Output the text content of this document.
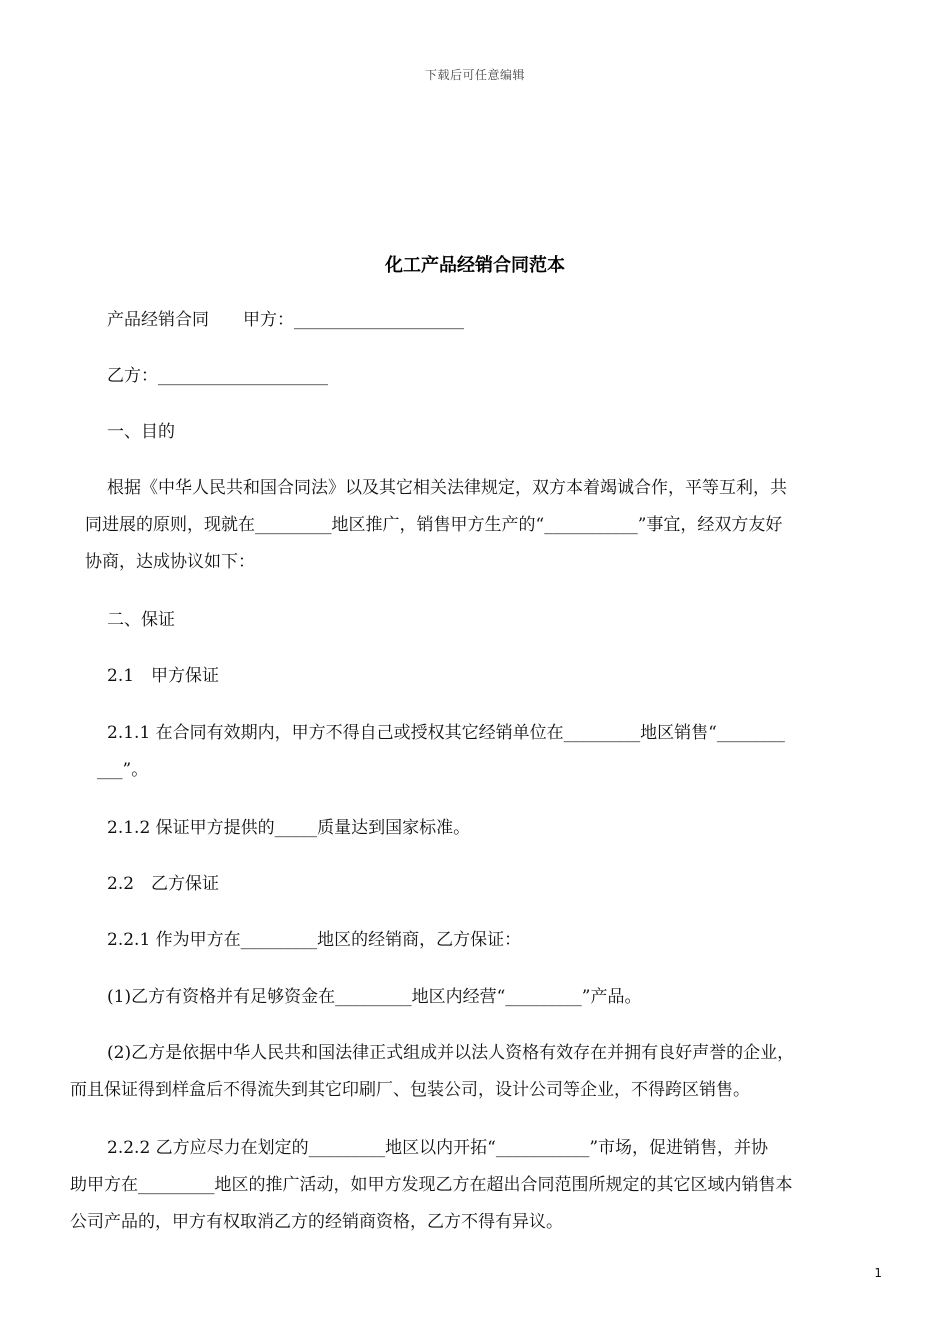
下载后可任意编辑
化工产品经销合同范本
产品经销合同　　甲方：____________________
乙方：____________________
一、目的
根据《中华人民共和国合同法》以及其它相关法律规定，双方本着竭诚合作，平等互利，共
同进展的原则，现就在_________地区推广，销售甲方生产的“___________”事宜，经双方友好
协商，达成协议如下：
二、保证
2.1　甲方保证
2.1.1 在合同有效期内，甲方不得自己或授权其它经销单位在_________地区销售“________
___”。
2.1.2 保证甲方提供的_____质量达到国家标准。
2.2　乙方保证
2.2.1 作为甲方在_________地区的经销商，乙方保证：
(1)乙方有资格并有足够资金在_________地区内经营“_________”产品。
(2)乙方是依据中华人民共和国法律正式组成并以法人资格有效存在并拥有良好声誉的企业，
而且保证得到样盒后不得流失到其它印刷厂、包装公司，设计公司等企业，不得跨区销售。
2.2.2 乙方应尽力在划定的_________地区以内开拓“___________”市场，促进销售，并协
助甲方在_________地区的推广活动，如甲方发现乙方在超出合同范围所规定的其它区域内销售本
公司产品的，甲方有权取消乙方的经销商资格，乙方不得有异议。
1
